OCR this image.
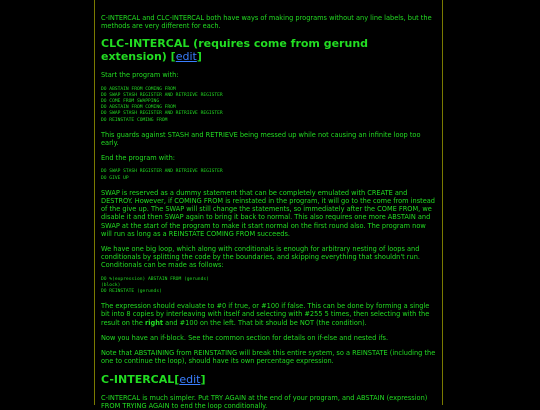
C-INTERCAL and CLC-INTERCAL both have ways of making programs without any line labels, but the methods are very different for each.

CLC-INTERCAL (requires come from gerund extension) [edit]

Start the program with:

DO ABSTAIN FROM COMING FROM
DO SWAP STASH REGISTER AND RETRIEVE REGISTER
DO COME FROM SWAPPING
DO ABSTAIN FROM COMING FROM
DO SWAP STASH REGISTER AND RETRIEVE REGISTER
DO REINSTATE COMING FROM

This guards against STASH and RETRIEVE being messed up while not causing an infinite loop too early.

End the program with:

DO SWAP STASH REGISTER AND RETRIEVE REGISTER
DO GIVE UP

SWAP is reserved as a dummy statement that can be completely emulated with CREATE and DESTROY. However, if COMING FROM is reinstated in the program, it will go to the come from instead of the give up. The SWAP will still change the statements, so immediately after the COME FROM, we disable it and then SWAP again to bring it back to normal. This also requires one more ABSTAIN and SWAP at the start of the program to make it start normal on the first round also. The program now will run as long as a REINSTATE COMING FROM succeeds.

We have one big loop, which along with conditionals is enough for arbitrary nesting of loops and conditionals by splitting the code by the boundaries, and skipping everything that shouldn't run. Conditionals can be made as follows:

DO %(expression) ABSTAIN FROM (gerunds)
(block)
DO REINSTATE (gerunds)

The expression should evaluate to #0 if true, or #100 if false. This can be done by forming a single bit into 8 copies by interleaving with itself and selecting with #255 5 times, then selecting with the result on the right and #100 on the left. That bit should be NOT (the condition).

Now you have an if-block. See the common section for details on if-else and nested ifs.

Note that ABSTAINING from REINSTATING will break this entire system, so a REINSTATE (including the one to continue the loop), should have its own percentage expression.

C-INTERCAL[edit]

C-INTERCAL is much simpler. Put TRY AGAIN at the end of your program, and ABSTAIN (expression) FROM TRYING AGAIN to end the loop conditionally.
